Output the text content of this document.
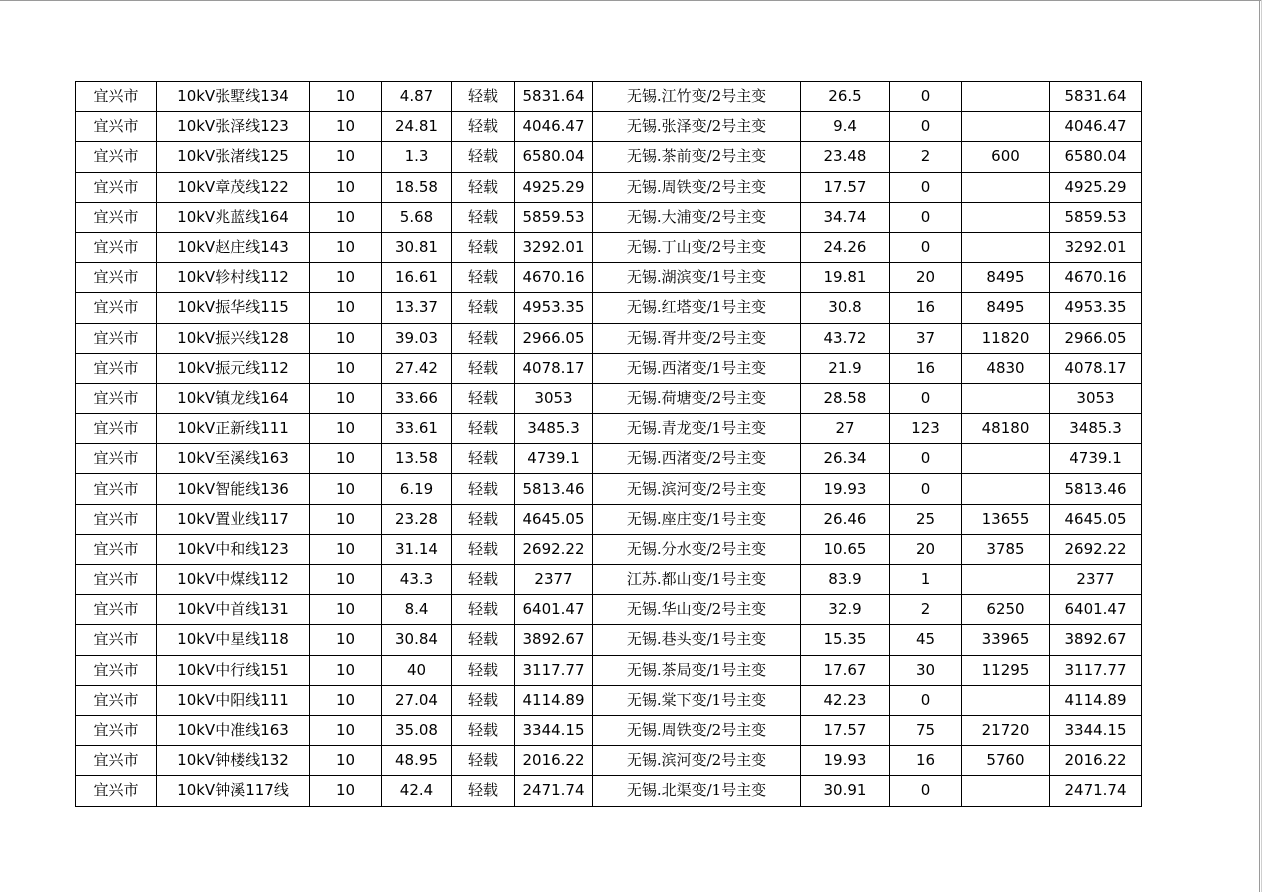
宜兴市	10kV张墅线134	10	4.87	轻载	5831.64	无锡.江竹变/2号主变	26.5	0		5831.64
宜兴市	10kV张泽线123	10	24.81	轻载	4046.47	无锡.张泽变/2号主变	9.4	0		4046.47
宜兴市	10kV张渚线125	10	1.3	轻载	6580.04	无锡.茶前变/2号主变	23.48	2	600	6580.04
宜兴市	10kV章茂线122	10	18.58	轻载	4925.29	无锡.周铁变/2号主变	17.57	0		4925.29
宜兴市	10kV兆蓝线164	10	5.68	轻载	5859.53	无锡.大浦变/2号主变	34.74	0		5859.53
宜兴市	10kV赵庄线143	10	30.81	轻载	3292.01	无锡.丁山变/2号主变	24.26	0		3292.01
宜兴市	10kV轸村线112	10	16.61	轻载	4670.16	无锡.湖滨变/1号主变	19.81	20	8495	4670.16
宜兴市	10kV振华线115	10	13.37	轻载	4953.35	无锡.红塔变/1号主变	30.8	16	8495	4953.35
宜兴市	10kV振兴线128	10	39.03	轻载	2966.05	无锡.胥井变/2号主变	43.72	37	11820	2966.05
宜兴市	10kV振元线112	10	27.42	轻载	4078.17	无锡.西渚变/1号主变	21.9	16	4830	4078.17
宜兴市	10kV镇龙线164	10	33.66	轻载	3053	无锡.荷塘变/2号主变	28.58	0		3053
宜兴市	10kV正新线111	10	33.61	轻载	3485.3	无锡.青龙变/1号主变	27	123	48180	3485.3
宜兴市	10kV至溪线163	10	13.58	轻载	4739.1	无锡.西渚变/2号主变	26.34	0		4739.1
宜兴市	10kV智能线136	10	6.19	轻载	5813.46	无锡.滨河变/2号主变	19.93	0		5813.46
宜兴市	10kV置业线117	10	23.28	轻载	4645.05	无锡.座庄变/1号主变	26.46	25	13655	4645.05
宜兴市	10kV中和线123	10	31.14	轻载	2692.22	无锡.分水变/2号主变	10.65	20	3785	2692.22
宜兴市	10kV中煤线112	10	43.3	轻载	2377	江苏.都山变/1号主变	83.9	1		2377
宜兴市	10kV中首线131	10	8.4	轻载	6401.47	无锡.华山变/2号主变	32.9	2	6250	6401.47
宜兴市	10kV中星线118	10	30.84	轻载	3892.67	无锡.巷头变/1号主变	15.35	45	33965	3892.67
宜兴市	10kV中行线151	10	40	轻载	3117.77	无锡.茶局变/1号主变	17.67	30	11295	3117.77
宜兴市	10kV中阳线111	10	27.04	轻载	4114.89	无锡.棠下变/1号主变	42.23	0		4114.89
宜兴市	10kV中准线163	10	35.08	轻载	3344.15	无锡.周铁变/2号主变	17.57	75	21720	3344.15
宜兴市	10kV钟楼线132	10	48.95	轻载	2016.22	无锡.滨河变/2号主变	19.93	16	5760	2016.22
宜兴市	10kV钟溪117线	10	42.4	轻载	2471.74	无锡.北渠变/1号主变	30.91	0		2471.74
